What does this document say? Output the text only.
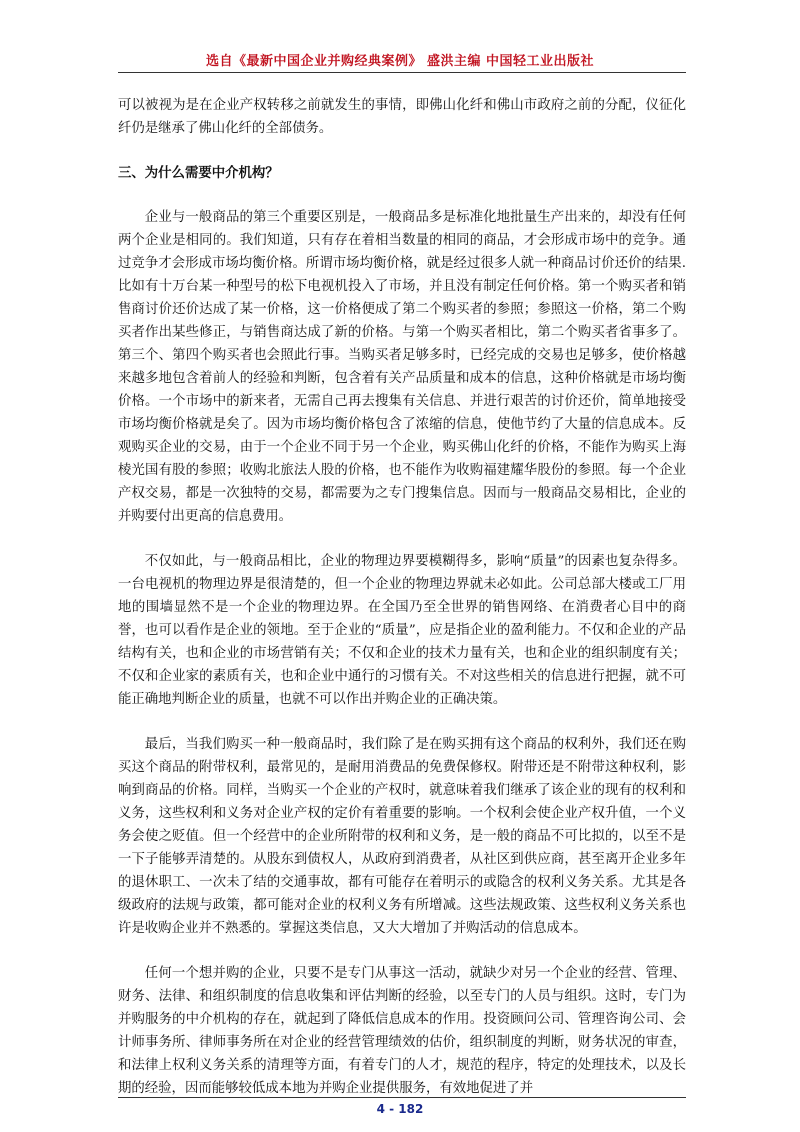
选自《最新中国企业并购经典案例》 盛洪主编 中国轻工业出版社

可以被视为是在企业产权转移之前就发生的事情，即佛山化纤和佛山市政府之前的分配，仪征化纤仍是继承了佛山化纤的全部债务。

三、为什么需要中介机构？

企业与一般商品的第三个重要区别是，一般商品多是标准化地批量生产出来的，却没有任何两个企业是相同的。我们知道，只有存在着相当数量的相同的商品，才会形成市场中的竞争。通过竞争才会形成市场均衡价格。所谓市场均衡价格，就是经过很多人就一种商品讨价还价的结果.比如有十万台某一种型号的松下电视机投入了市场，并且没有制定任何价格。第一个购买者和销售商讨价还价达成了某一价格，这一价格便成了第二个购买者的参照；参照这一价格，第二个购买者作出某些修正，与销售商达成了新的价格。与第一个购买者相比，第二个购买者省事多了。第三个、第四个购买者也会照此行事。当购买者足够多时，已经完成的交易也足够多，使价格越来越多地包含着前人的经验和判断，包含着有关产品质量和成本的信息，这种价格就是市场均衡价格。一个市场中的新来者，无需自己再去搜集有关信息、并进行艰苦的讨价还价，简单地接受市场均衡价格就是矣了。因为市场均衡价格包含了浓缩的信息，使他节约了大量的信息成本。反观购买企业的交易，由于一个企业不同于另一个企业，购买佛山化纤的价格，不能作为购买上海棱光国有股的参照；收购北旅法人股的价格，也不能作为收购福建耀华股份的参照。每一个企业产权交易，都是一次独特的交易，都需要为之专门搜集信息。因而与一般商品交易相比，企业的并购要付出更高的信息费用。

不仅如此，与一般商品相比，企业的物理边界要模糊得多，影响“质量”的因素也复杂得多。一台电视机的物理边界是很清楚的，但一个企业的物理边界就未必如此。公司总部大楼或工厂用地的围墙显然不是一个企业的物理边界。在全国乃至全世界的销售网络、在消费者心目中的商誉，也可以看作是企业的领地。至于企业的“质量”，应是指企业的盈利能力。不仅和企业的产品结构有关，也和企业的市场营销有关；不仅和企业的技术力量有关，也和企业的组织制度有关；不仅和企业家的素质有关，也和企业中通行的习惯有关。不对这些相关的信息进行把握，就不可能正确地判断企业的质量，也就不可以作出并购企业的正确决策。

最后，当我们购买一种一般商品时，我们除了是在购买拥有这个商品的权利外，我们还在购买这个商品的附带权利，最常见的，是耐用消费品的免费保修权。附带还是不附带这种权利，影响到商品的价格。同样，当购买一个企业的产权时，就意味着我们继承了该企业的现有的权利和义务，这些权利和义务对企业产权的定价有着重要的影响。一个权利会使企业产权升值，一个义务会使之贬值。但一个经营中的企业所附带的权利和义务，是一般的商品不可比拟的，以至不是一下子能够弄清楚的。从股东到债权人，从政府到消费者，从社区到供应商，甚至离开企业多年的退休职工、一次未了结的交通事故，都有可能存在着明示的或隐含的权利义务关系。尤其是各级政府的法规与政策，都可能对企业的权利义务有所增减。这些法规政策、这些权利义务关系也许是收购企业并不熟悉的。掌握这类信息，又大大增加了并购活动的信息成本。

任何一个想并购的企业，只要不是专门从事这一活动，就缺少对另一个企业的经营、管理、财务、法律、和组织制度的信息收集和评估判断的经验，以至专门的人员与组织。这时，专门为并购服务的中介机构的存在，就起到了降低信息成本的作用。投资顾问公司、管理咨询公司、会计师事务所、律师事务所在对企业的经营管理绩效的估价，组织制度的判断，财务状况的审查，和法律上权利义务关系的清理等方面，有着专门的人才，规范的程序，特定的处理技术，以及长期的经验，因而能够较低成本地为并购企业提供服务，有效地促进了并

4 - 182
